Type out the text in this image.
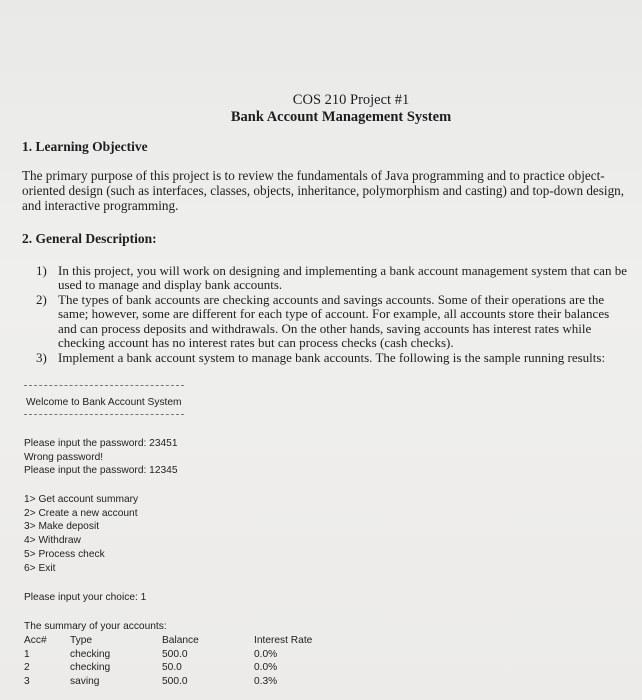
COS 210 Project #1
Bank Account Management System
1. Learning Objective
The primary purpose of this project is to review the fundamentals of Java programming and to practice object-oriented design (such as interfaces, classes, objects, inheritance, polymorphism and casting) and top-down design, and interactive programming.
2. General Description:
1) In this project, you will work on designing and implementing a bank account management system that can be used to manage and display bank accounts.
2) The types of bank accounts are checking accounts and savings accounts. Some of their operations are the same; however, some are different for each type of account. For example, all accounts store their balances and can process deposits and withdrawals. On the other hands, saving accounts has interest rates while checking account has no interest rates but can process checks (cash checks).
3) Implement a bank account system to manage bank accounts. The following is the sample running results:
Welcome to Bank Account System
Please input the password: 23451
Wrong password!
Please input the password: 12345
1> Get account summary
2> Create a new account
3> Make deposit
4> Withdraw
5> Process check
6> Exit
Please input your choice: 1
The summary of your accounts:
Acc#	Type	Balance	Interest Rate
1	checking	500.0	0.0%
2	checking	50.0	0.0%
3	saving	500.0	0.3%
